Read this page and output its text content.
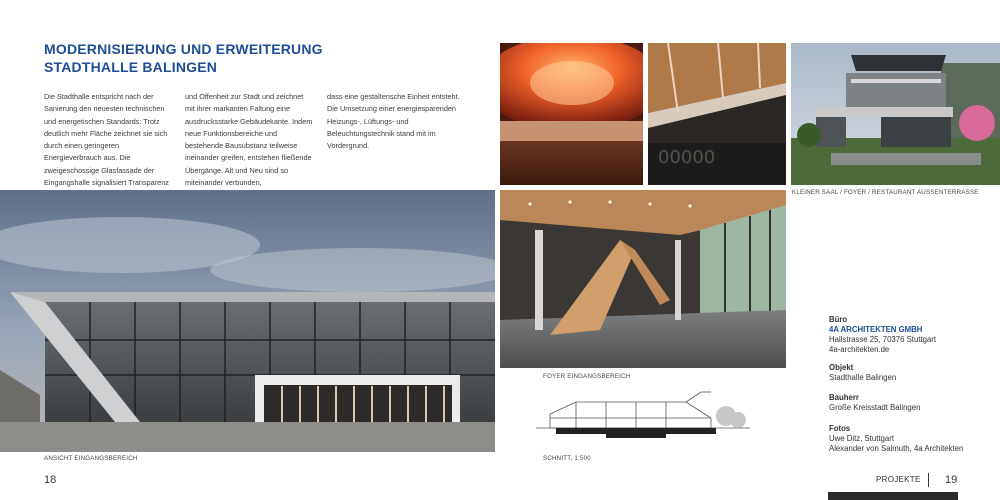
MODERNISIERUNG UND ERWEITERUNG STADTHALLE BALINGEN

Die Stadthalle entspricht nach der Sanierung den neuesten technischen und energetischen Standards: Trotz deutlich mehr Fläche zeichnet sie sich durch einen geringeren Energieverbrauch aus. Die zweigeschossige Glasfassade der Eingangshalle signalisiert Transparenz

und Offenheit zur Stadt und zeichnet mit ihrer markanten Faltung eine ausdrucksstarke Gebäudekante. Indem neue Funktionsbereiche und bestehende Bausubstanz teilweise ineinander greifen, entstehen fließende Übergänge. Alt und Neu sind so miteinander verbunden,

dass eine gestalterische Einheit entsteht. Die Umsetzung einer energiesparenden Heizungs-, Lüftungs- und Beleuchtungstechnik stand mit im Vordergrund.

00000
KLEINER SAAL / FOYER / RESTAURANT AUSSENTERRASSE
ANSICHT EINGANGSBEREICH
FOYER EINGANGSBEREICH
SCHNITT, 1:500
Büro
4A ARCHITEKTEN GMBH
Hallstrasse 25, 70376 Stuttgart
4a-architekten.de
Objekt
Stadthalle Balingen
Bauherr
Große Kreisstadt Balingen
Fotos
Uwe Ditz, Stuttgart
Alexander von Salmuth, 4a Architekten
18	PROJEKTE 19
